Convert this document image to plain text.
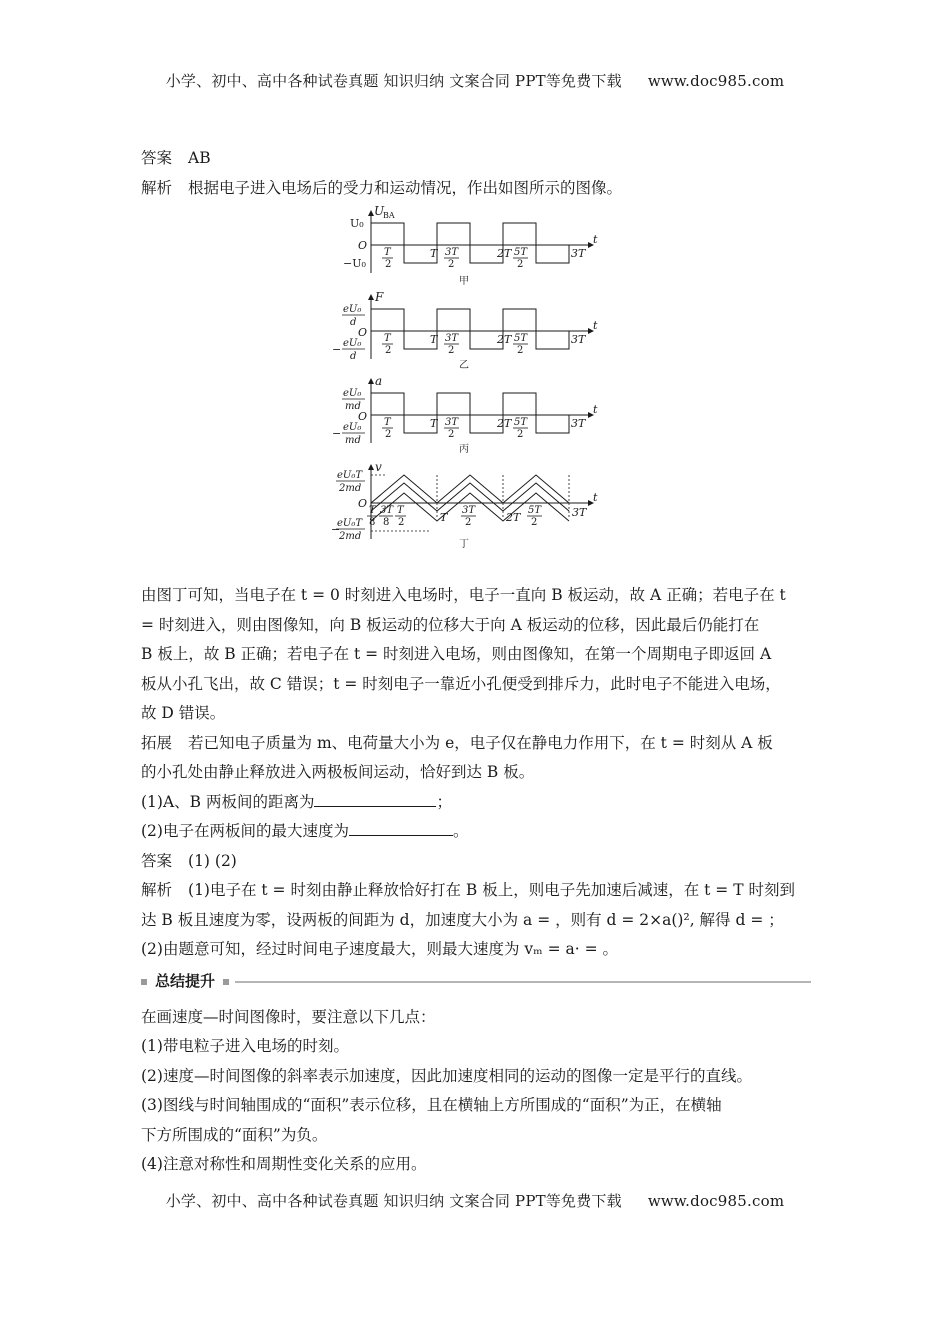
小学、初中、高中各种试卷真题 知识归纳 文案合同 PPT等免费下载 www.doc985.com

答案 AB

解析 根据电子进入电场后的受力和运动情况，作出如图所示的图像。

U
BA
U₀
O
−U₀
T
2
T 3T
2
2T 5T
2
3T
t
甲
F
eU₀
d
O
− eU₀
d
T
2
T 3T
2
2T 5T
2
3T
t
乙
a
eU₀
md
O
− eU₀
md
T
2
T 3T
2
2T 5T
2
3T
t
丙
v
eU₀T
2md
O
−
eU₀T
2md
T
8
3T
8
T
2	T
3T
2	2T
5T
2
3T
t
丁

由图丁可知，当电子在 t = 0 时刻进入电场时，电子一直向 B 板运动，故 A 正确；若电子在 t
= 时刻进入，则由图像知，向 B 板运动的位移大于向 A 板运动的位移，因此最后仍能打在
B 板上，故 B 正确；若电子在 t = 时刻进入电场，则由图像知，在第一个周期电子即返回 A
板从小孔飞出，故 C 错误；t = 时刻电子一靠近小孔便受到排斥力，此时电子不能进入电场，
故 D 错误。

拓展 若已知电子质量为 m、电荷量大小为 e，电子仅在静电力作用下，在 t = 时刻从 A 板
的小孔处由静止释放进入两极板间运动，恰好到达 B 板。
(1)A、B 两板间的距离为	；
(2)电子在两板间的最大速度为	。

答案 (1) (2)

解析 (1)电子在 t = 时刻由静止释放恰好打在 B 板上，则电子先加速后减速，在 t = T 时刻到
达 B 板且速度为零，设两板的间距为 d，加速度大小为 a = ，则有 d = 2×a()², 解得 d = ；
(2)由题意可知，经过时间电子速度最大，则最大速度为 vₘ = a· = 。

总结提升

在画速度—时间图像时，要注意以下几点：
(1)带电粒子进入电场的时刻。
(2)速度—时间图像的斜率表示加速度，因此加速度相同的运动的图像一定是平行的直线。
(3)图线与时间轴围成的“面积”表示位移，且在横轴上方所围成的“面积”为正，在横轴
下方所围成的“面积”为负。
(4)注意对称性和周期性变化关系的应用。

小学、初中、高中各种试卷真题 知识归纳 文案合同 PPT等免费下载 www.doc985.com
